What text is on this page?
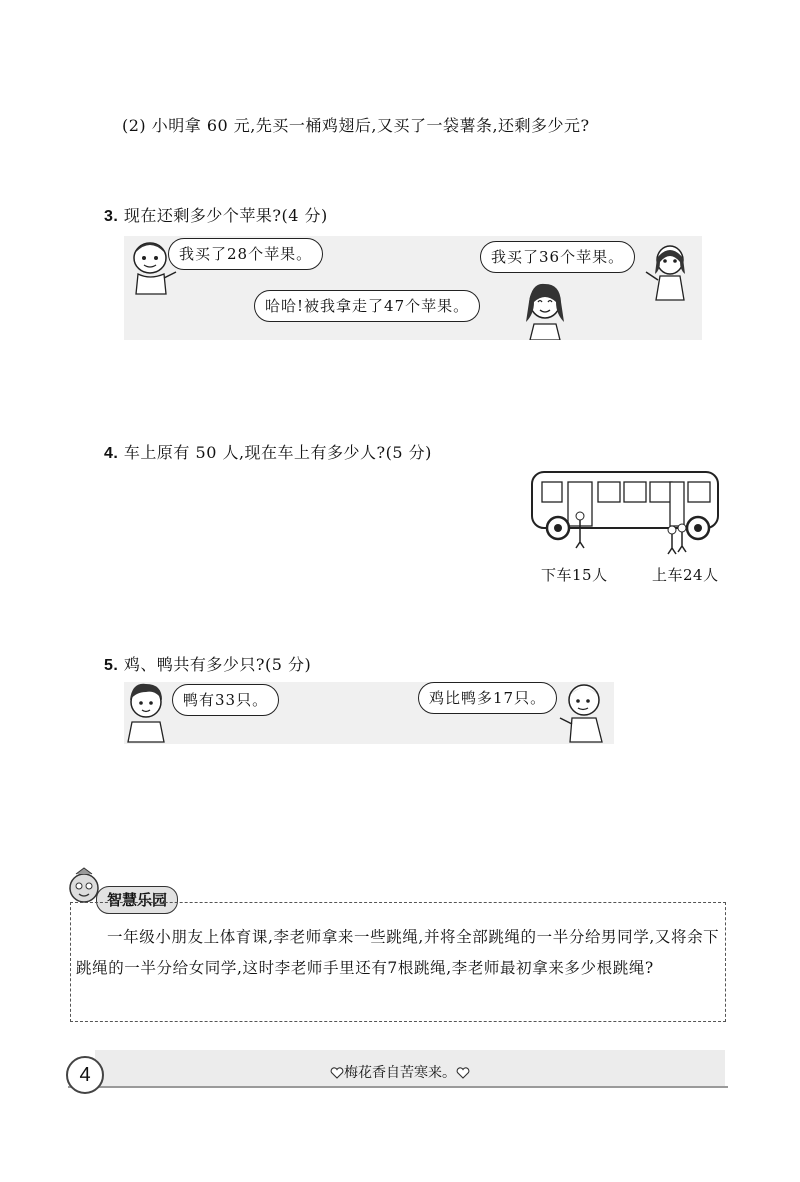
(2) 小明拿 60 元,先买一桶鸡翅后,又买了一袋薯条,还剩多少元?
3. 现在还剩多少个苹果?(4 分)
我买了28个苹果。	我买了36个苹果。
哈哈!被我拿走了47个苹果。
4. 车上原有 50 人,现在车上有多少人?(5 分)
下车15人	上车24人
5. 鸡、鸭共有多少只?(5 分)
鸭有33只。	鸡比鸭多17只。
智慧乐园
一年级小朋友上体育课,李老师拿来一些跳绳,并将全部跳绳的一半分给男同学,又将余下跳绳的一半分给女同学,这时李老师手里还有7根跳绳,李老师最初拿来多少根跳绳?
4	梅花香自苦寒来。
